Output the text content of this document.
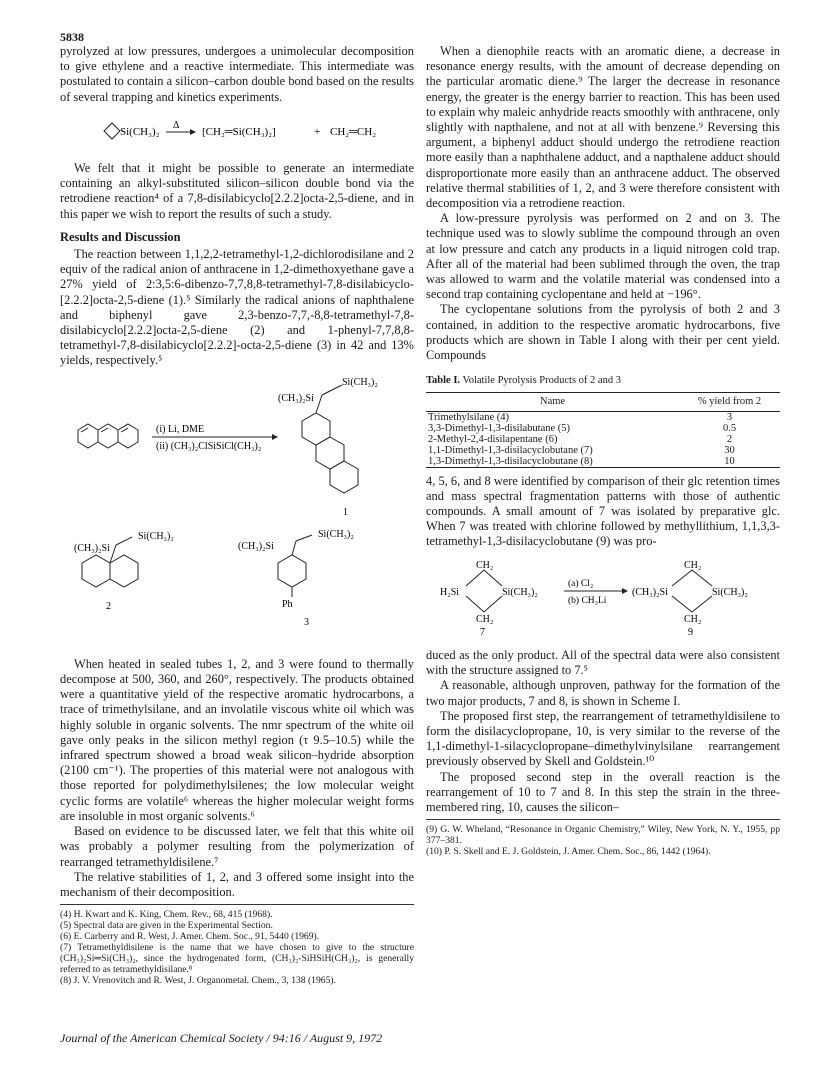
5838

pyrolyzed at low pressures, undergoes a unimolecular decomposition to give ethylene and a reactive intermediate. This intermediate was postulated to contain a silicon–carbon double bond based on the results of several trapping and kinetics experiments.

Si(CH₃)₂
Δ
[CH₂═Si(CH₃)₂]	+ CH₂═CH₂

We felt that it might be possible to generate an intermediate containing an alkyl-substituted silicon–silicon double bond via the retrodiene reaction⁴ of a 7,8-disilabicyclo[2.2.2]octa-2,5-diene, and in this paper we wish to report the results of such a study.

Results and Discussion

The reaction between 1,1,2,2-tetramethyl-1,2-dichlorodisilane and 2 equiv of the radical anion of anthracene in 1,2-dimethoxyethane gave a 27% yield of 2:3,5:6-dibenzo-7,7,8,8-tetramethyl-7,8-disilabicyclo-[2.2.2]octa-2,5-diene (1).⁵ Similarly the radical anions of naphthalene and biphenyl gave 2,3-benzo-7,7,-8,8-tetramethyl-7,8-disilabicyclo[2.2.2]octa-2,5-diene (2) and 1-phenyl-7,7,8,8-tetramethyl-7,8-disilabicyclo[2.2.2]-octa-2,5-diene (3) in 42 and 13% yields, respectively.⁵

(i) Li, DME
(ii) (CH₃)₂ClSiSiCl(CH₃)₂
Si(CH₃)₂
(CH₃)₂Si
1
Si(CH₃)₂
(CH₃)₂Si
2
Si(CH₃)₂
(CH₃)₂Si
Ph
3

When heated in sealed tubes 1, 2, and 3 were found to thermally decompose at 500, 360, and 260°, respectively. The products obtained were a quantitative yield of the respective aromatic hydrocarbons, a trace of trimethylsilane, and an involatile viscous white oil which was highly soluble in organic solvents. The nmr spectrum of the white oil gave only peaks in the silicon methyl region (τ 9.5–10.5) while the infrared spectrum showed a broad weak silicon–hydride absorption (2100 cm⁻¹). The properties of this material were not analogous with those reported for polydimethylsilenes; the low molecular weight cyclic forms are volatile⁶ whereas the higher molecular weight forms are insoluble in most organic solvents.⁶

Based on evidence to be discussed later, we felt that this white oil was probably a polymer resulting from the polymerization of rearranged tetramethyldisilene.⁷

The relative stabilities of 1, 2, and 3 offered some insight into the mechanism of their decomposition.

(4) H. Kwart and K. King, Chem. Rev., 68, 415 (1968).

(5) Spectral data are given in the Experimental Section.

(6) E. Carberry and R. West, J. Amer. Chem. Soc., 91, 5440 (1969).

(7) Tetramethyldisilene is the name that we have chosen to give to the structure (CH₃)₂Si═Si(CH₃)₂, since the hydrogenated form, (CH₃)₂-SiHSiH(CH₃)₂, is generally referred to as tetramethyldisilane.⁸

(8) J. V. Vrenovitch and R. West, J. Organometal. Chem., 3, 138 (1965).

When a dienophile reacts with an aromatic diene, a decrease in resonance energy results, with the amount of decrease depending on the particular aromatic diene.⁹ The larger the decrease in resonance energy, the greater is the energy barrier to reaction. This has been used to explain why maleic anhydride reacts smoothly with anthracene, only slightly with napthalene, and not at all with benzene.⁹ Reversing this argument, a biphenyl adduct should undergo the retrodiene reaction more easily than a naphthalene adduct, and a napthalene adduct should disproportionate more easily than an anthracene adduct. The observed relative thermal stabilities of 1, 2, and 3 were therefore consistent with decomposition via a retrodiene reaction.

A low-pressure pyrolysis was performed on 2 and on 3. The technique used was to slowly sublime the compound through an oven at low pressure and catch any products in a liquid nitrogen cold trap. After all of the material had been sublimed through the oven, the trap was allowed to warm and the volatile material was condensed into a second trap containing cyclopentane and held at −196°.

The cyclopentane solutions from the pyrolysis of both 2 and 3 contained, in addition to the respective aromatic hydrocarbons, five products which are shown in Table I along with their per cent yield. Compounds

Table I. Volatile Pyrolysis Products of 2 and 3
Name	% yield from 2
Trimethylsilane (4)	3
3,3-Dimethyl-1,3-disilabutane (5)	0.5
2-Methyl-2,4-disilapentane (6)	2
1,1-Dimethyl-1,3-disilacyclobutane (7)	30
1,3-Dimethyl-1,3-disilacyclobutane (8)	10

4, 5, 6, and 8 were identified by comparison of their glc retention times and mass spectral fragmentation patterns with those of authentic compounds. A small amount of 7 was isolated by preparative glc. When 7 was treated with chlorine followed by methyllithium, 1,1,3,3-tetramethyl-1,3-disilacyclobutane (9) was pro-

CH₂
H₂Si	Si(CH₃)₂
CH₂
7
(a) Cl₂
(b) CH₃Li
CH₂
(CH₃)₂Si	Si(CH₃)₂
CH₂
9

duced as the only product. All of the spectral data were also consistent with the structure assigned to 7.⁵

A reasonable, although unproven, pathway for the formation of the two major products, 7 and 8, is shown in Scheme I.

The proposed first step, the rearrangement of tetramethyldisilene to form the disilacyclopropane, 10, is very similar to the reverse of the 1,1-dimethyl-1-silacyclopropane–dimethylvinylsilane rearrangement previously observed by Skell and Goldstein.¹⁰

The proposed second step in the overall reaction is the rearrangement of 10 to 7 and 8. In this step the strain in the three-membered ring, 10, causes the silicon–

(9) G. W. Wheland, “Resonance in Organic Chemistry,” Wiley, New York, N. Y., 1955, pp 377–381.

(10) P. S. Skell and E. J. Goldstein, J. Amer. Chem. Soc., 86, 1442 (1964).

Journal of the American Chemical Society / 94:16 / August 9, 1972
